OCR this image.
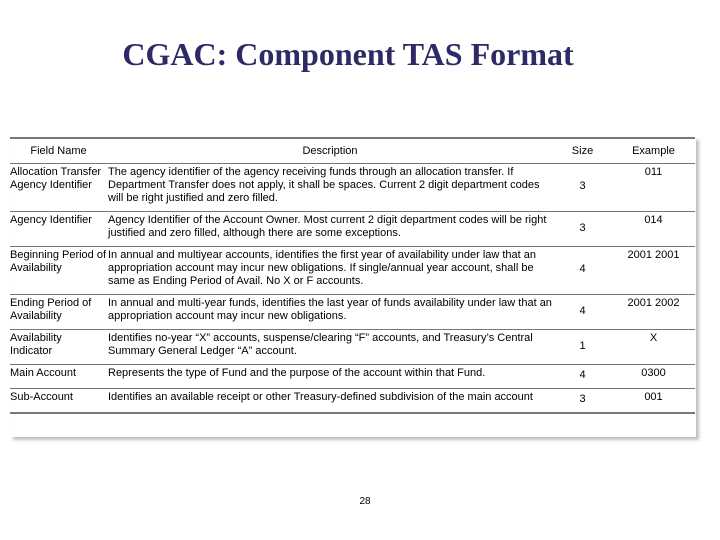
CGAC: Component TAS Format
Field Name	Description	Size	Example
Allocation Transfer Agency Identifier	The agency identifier of the agency receiving funds through an allocation transfer. If Department Transfer does not apply, it shall be spaces. Current 2 digit department codes will be right justified and zero filled.	3	011
Agency Identifier	Agency Identifier of the Account Owner. Most current 2 digit department codes will be right justified and zero filled, although there are some exceptions.	3	014
Beginning Period of Availability	In annual and multiyear accounts, identifies the first year of availability under law that an appropriation account may incur new obligations. If single/annual year account, shall be same as Ending Period of Avail. No X or F accounts.	4	2001 2001
Ending Period of Availability	In annual and multi-year funds, identifies the last year of funds availability under law that an appropriation account may incur new obligations.	4	2001 2002
Availability Indicator	Identifies no-year “X” accounts, suspense/clearing “F” accounts, and Treasury’s Central Summary General Ledger “A” account.	1	X
Main Account	Represents the type of Fund and the purpose of the account within that Fund.	4	0300
Sub-Account	Identifies an available receipt or other Treasury-defined subdivision of the main account	3	001
28
